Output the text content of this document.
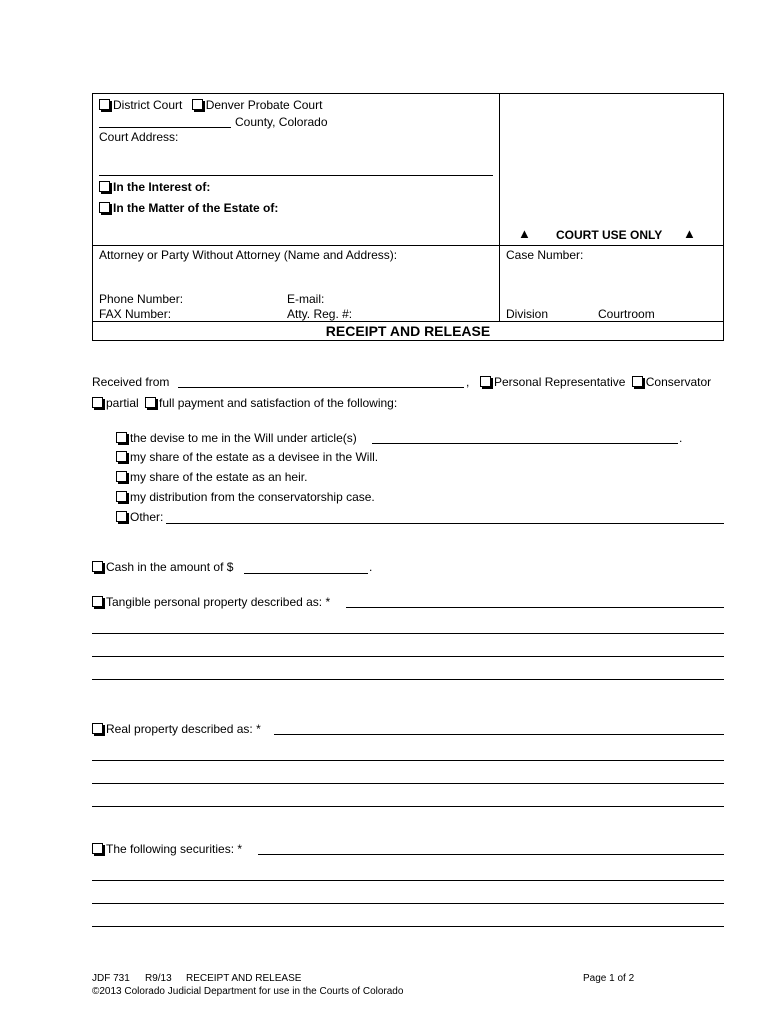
District Court Denver Probate Court
County, Colorado
Court Address:
In the Interest of:
In the Matter of the Estate of:
▲ COURT USE ONLY ▲
Attorney or Party Without Attorney (Name and Address):	Case Number:
Phone Number:	E-mail:
FAX Number:	Atty. Reg. #:	Division	Courtroom
RECEIPT AND RELEASE
Received from	,	Personal Representative Conservator
partial full payment and satisfaction of the following:
the devise to me in the Will under article(s)	.
my share of the estate as a devisee in the Will.
my share of the estate as an heir.
my distribution from the conservatorship case.
Other:
Cash in the amount of $	.
Tangible personal property described as: *
Real property described as: *
The following securities: *
JDF 731 R9/13 RECEIPT AND RELEASE	Page 1 of 2
©2013 Colorado Judicial Department for use in the Courts of Colorado
